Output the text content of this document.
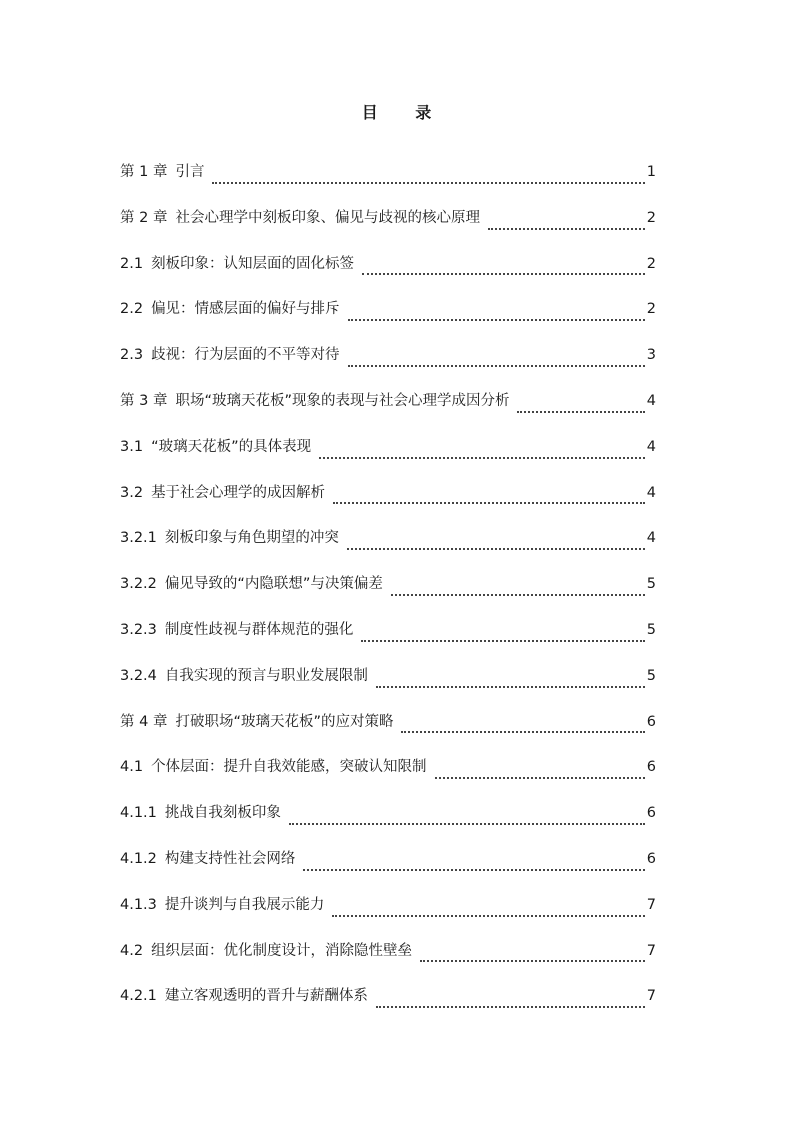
目 录
第 1 章 引言	1
第 2 章 社会心理学中刻板印象、偏见与歧视的核心原理	2
2.1 刻板印象：认知层面的固化标签	2
2.2 偏见：情感层面的偏好与排斥	2
2.3 歧视：行为层面的不平等对待	3
第 3 章 职场“玻璃天花板”现象的表现与社会心理学成因分析	4
3.1 “玻璃天花板”的具体表现	4
3.2 基于社会心理学的成因解析	4
3.2.1 刻板印象与角色期望的冲突	4
3.2.2 偏见导致的“内隐联想”与决策偏差	5
3.2.3 制度性歧视与群体规范的强化	5
3.2.4 自我实现的预言与职业发展限制	5
第 4 章 打破职场“玻璃天花板”的应对策略	6
4.1 个体层面：提升自我效能感，突破认知限制	6
4.1.1 挑战自我刻板印象	6
4.1.2 构建支持性社会网络	6
4.1.3 提升谈判与自我展示能力	7
4.2 组织层面：优化制度设计，消除隐性壁垒	7
4.2.1 建立客观透明的晋升与薪酬体系	7
